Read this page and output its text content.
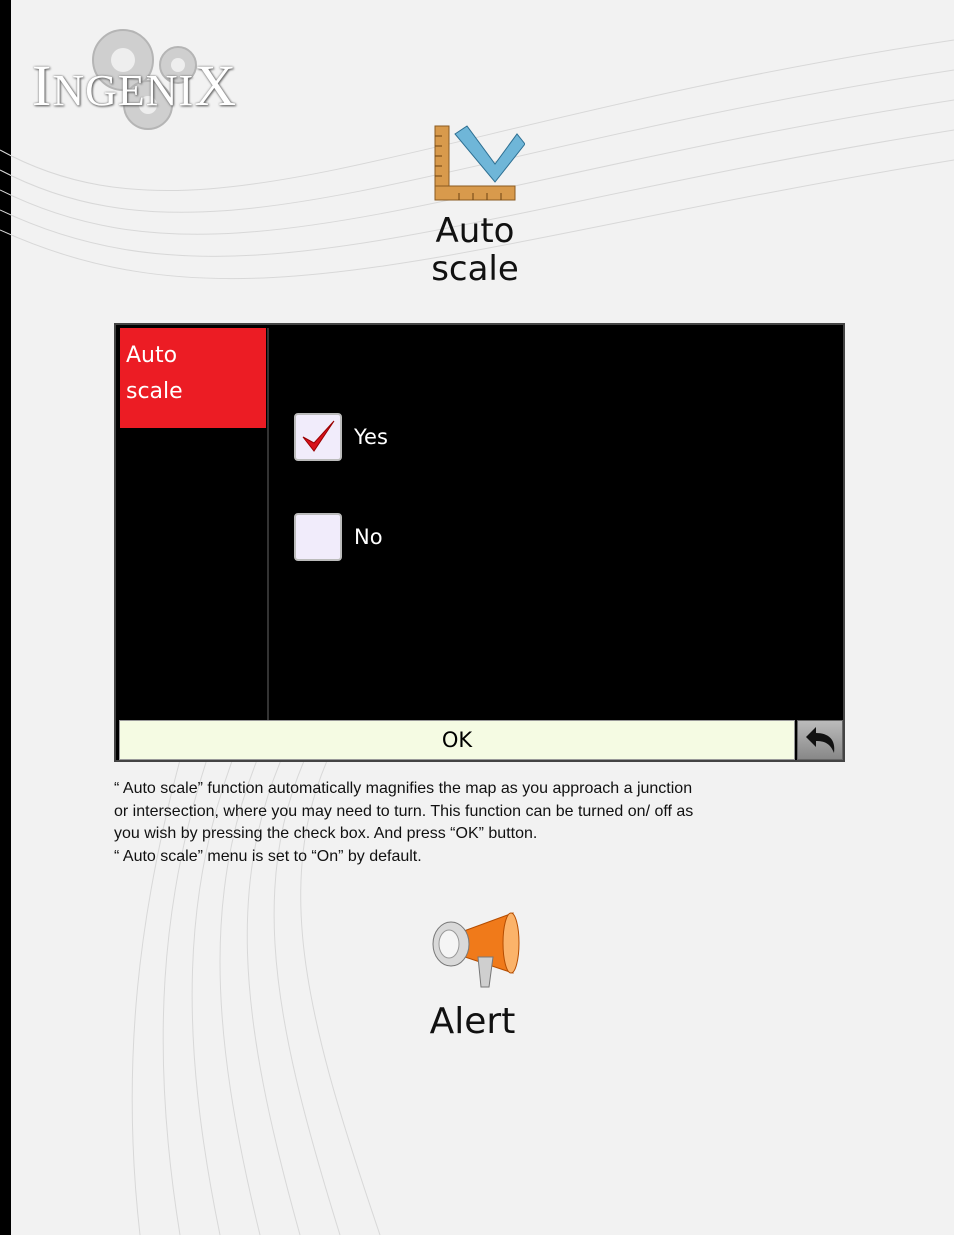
INGENIX
Auto
scale
Auto
scale
Yes
No
OK

“ Auto scale” function automatically magnifies the map as you approach a junction

or intersection, where you may need to turn. This function can be turned on/ off as

you wish by pressing the check box. And press “OK” button.

“ Auto scale” menu is set to “On” by default.

Alert
